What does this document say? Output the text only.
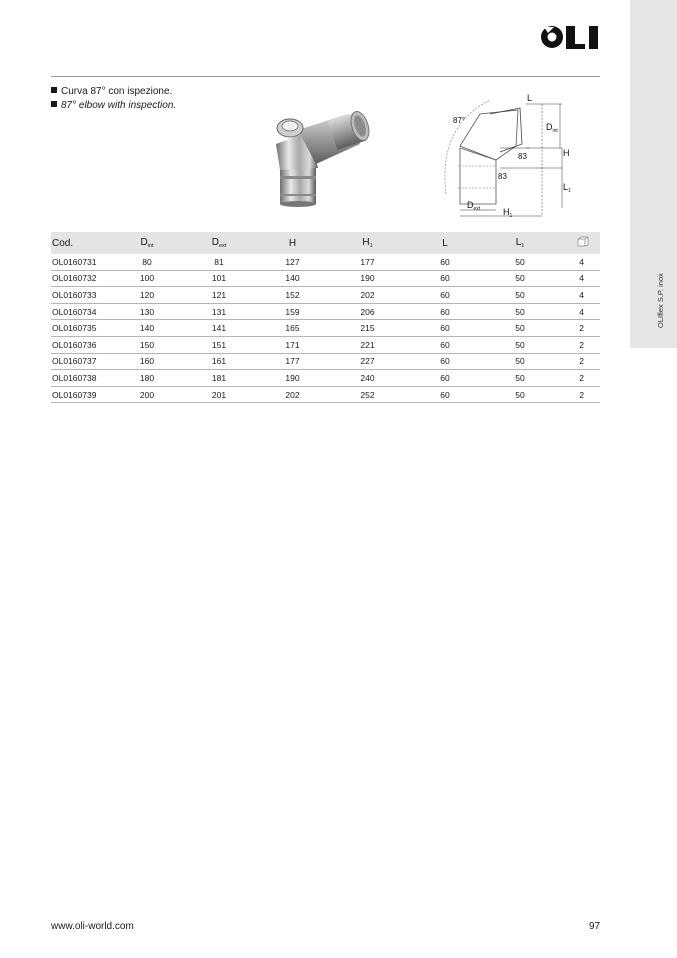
OLIflex S.P. inox
Curva 87° con ispezione.
87° elbow with inspection.
87°
L
$D_{int}$
H
83
83
$L_1$
$D_{ext}$	$H_1$
Cod.	$D_{int}$	$D_{ext}$	H	$H_1$	L	$L_1$	
OL0160731	80	81	127	177	60	50	4
OL0160732	100	101	140	190	60	50	4
OL0160733	120	121	152	202	60	50	4
OL0160734	130	131	159	206	60	50	4
OL0160735	140	141	165	215	60	50	2
OL0160736	150	151	171	221	60	50	2
OL0160737	160	161	177	227	60	50	2
OL0160738	180	181	190	240	60	50	2
OL0160739	200	201	202	252	60	50	2
www.oli-world.com	97
